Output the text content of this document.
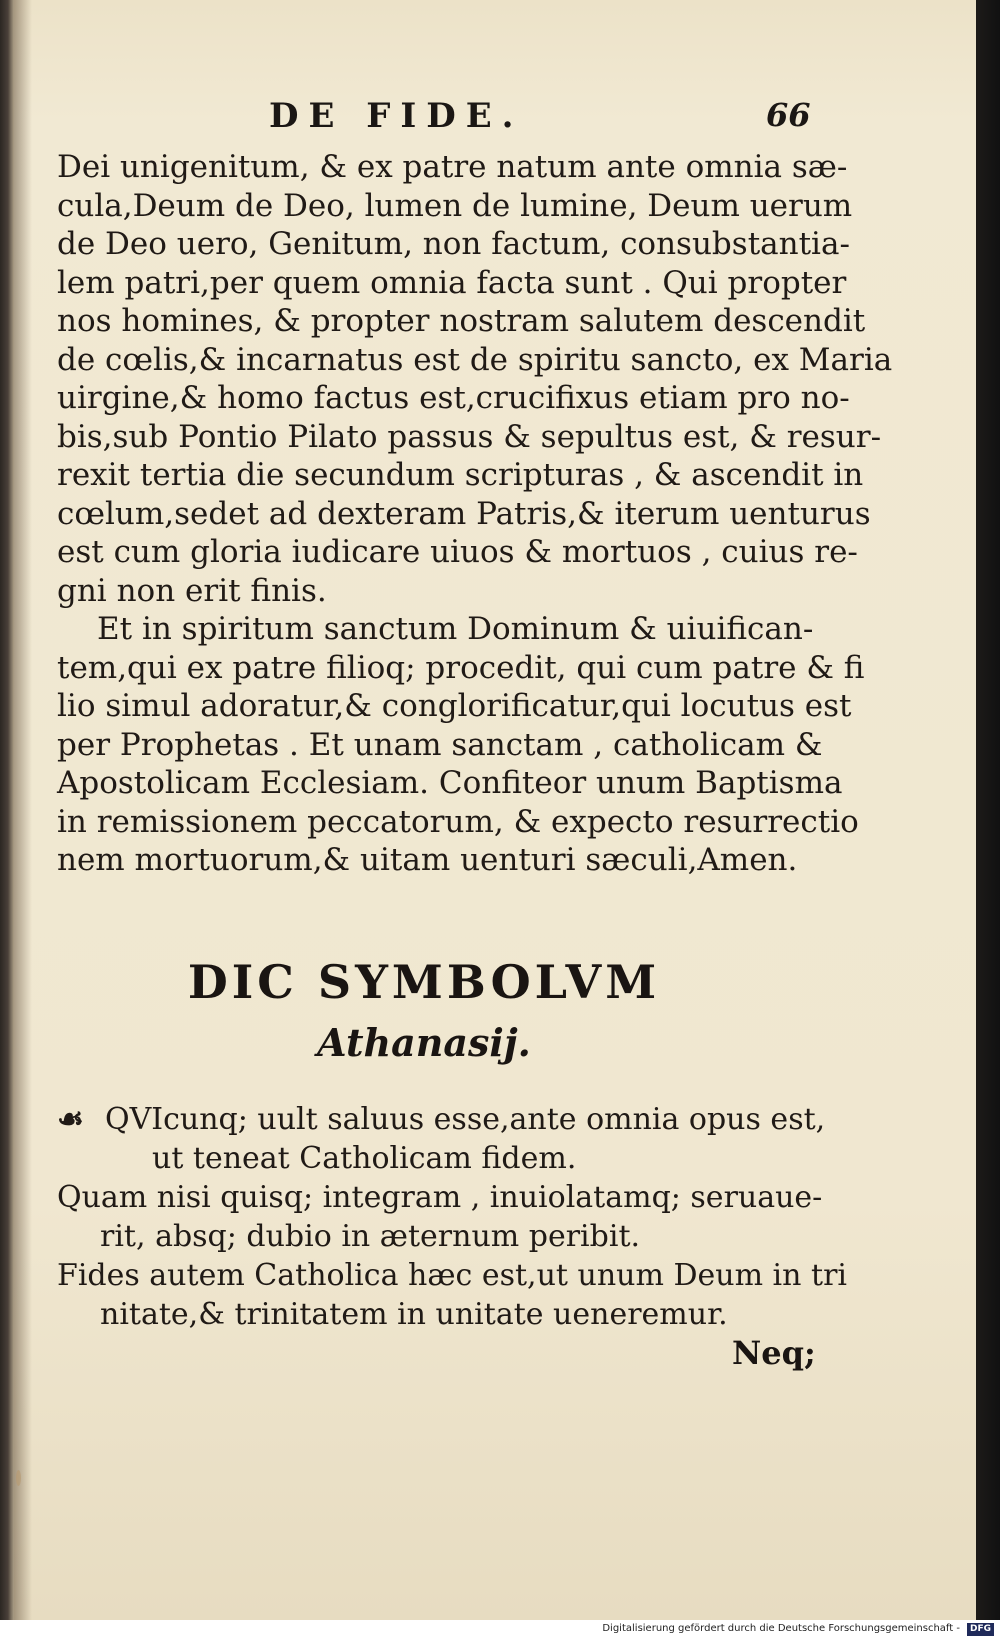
DE FIDE.	66
Dei unigenitum, & ex patre natum ante omnia sæ-
cula,Deum de Deo, lumen de lumine, Deum uerum
de Deo uero, Genitum, non factum, consubstantia-
lem patri,per quem omnia facta sunt . Qui propter
nos homines, & propter nostram salutem descendit
de cœlis,& incarnatus est de spiritu sancto, ex Maria
uirgine,& homo factus est,crucifixus etiam pro no-
bis,sub Pontio Pilato passus & sepultus est, & resur-
rexit tertia die secundum scripturas , & ascendit in
cœlum,sedet ad dexteram Patris,& iterum uenturus
est cum gloria iudicare uiuos & mortuos , cuius re-
gni non erit finis.
Et in spiritum sanctum Dominum & uiuifican-
tem,qui ex patre filioq; procedit, qui cum patre & fi
lio simul adoratur,& conglorificatur,qui locutus est
per Prophetas . Et unam sanctam , catholicam &
Apostolicam Ecclesiam. Confiteor unum Baptisma
in remissionem peccatorum, & expecto resurrectio
nem mortuorum,& uitam uenturi sæculi,Amen.
DIC SYMBOLVM
Athanasij.
☙ QVIcunq; uult saluus esse,ante omnia opus est,
ut teneat Catholicam fidem.
Quam nisi quisq; integram , inuiolatamq; seruaue-
rit, absq; dubio in æternum peribit.
Fides autem Catholica hæc est,ut unum Deum in tri
nitate,& trinitatem in unitate ueneremur.
Neq;
Digitalisierung gefördert durch die Deutsche Forschungsgemeinschaft -	DFG
